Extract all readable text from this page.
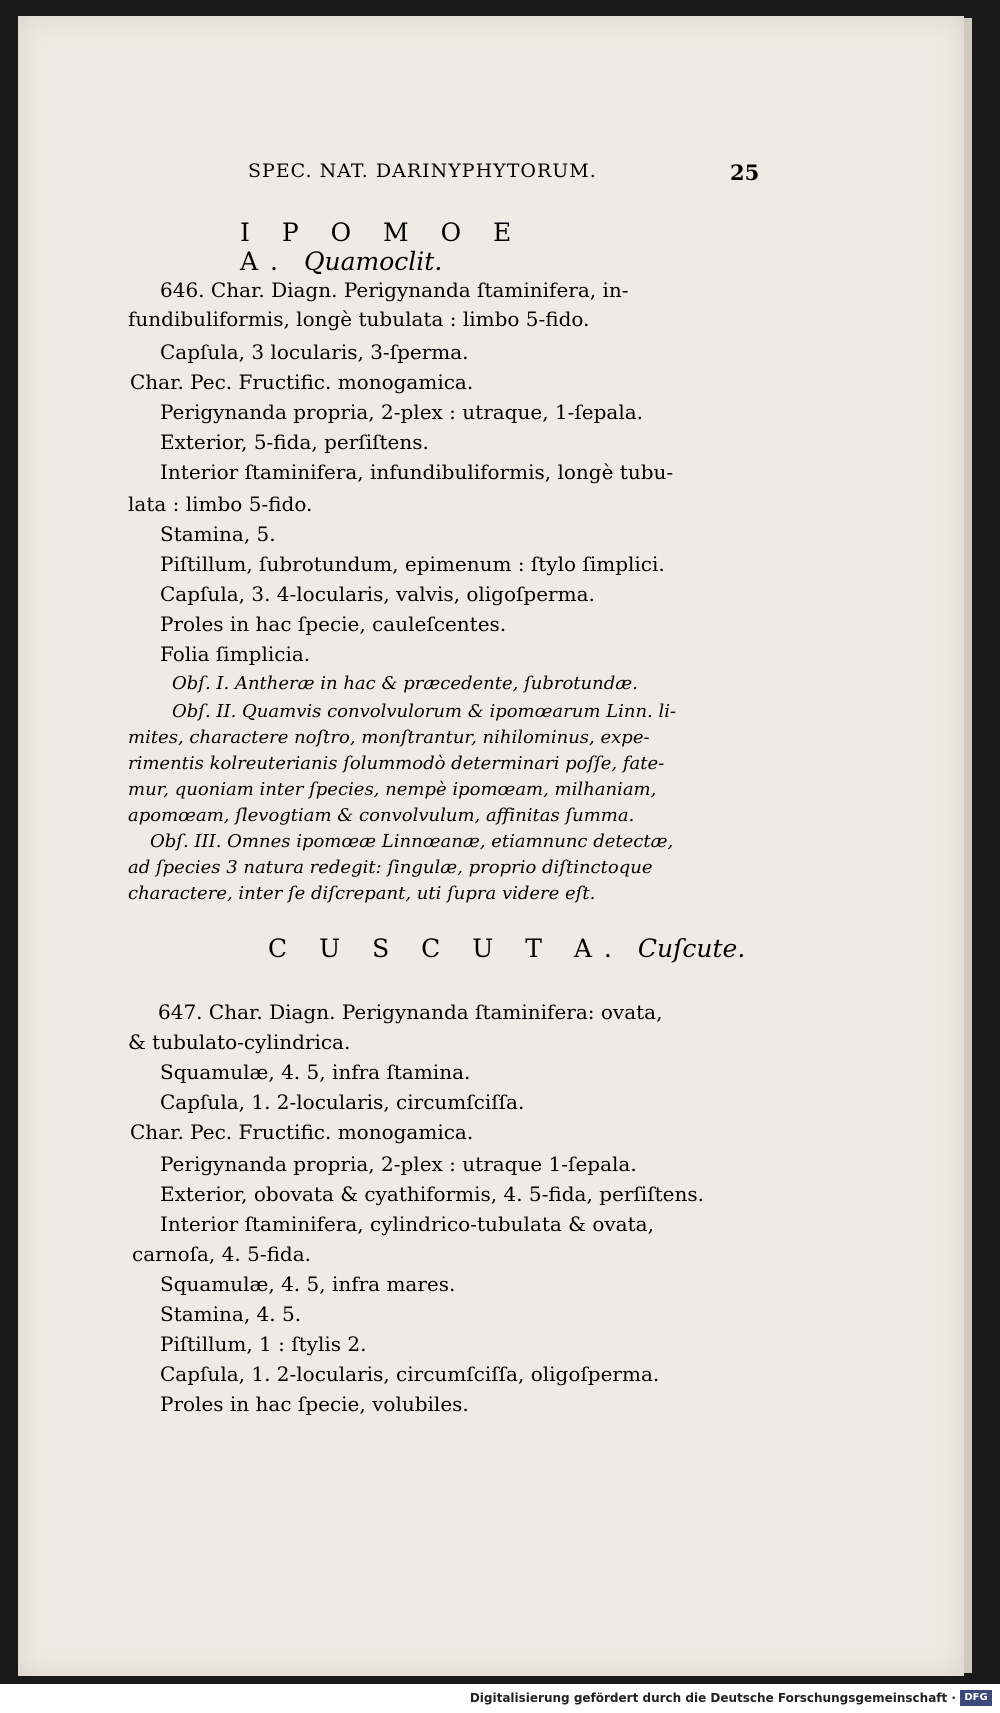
SPEC. NAT. DARINYPHYTORUM.	25
I P O M O E A. Quamoclit.
646. Char. Diagn. Perigynanda ſtaminifera, in-
fundibuliformis, longè tubulata : limbo 5-fido.
Capſula, 3 locularis, 3-ſperma.
Char. Pec. Fructific. monogamica.
Perigynanda propria, 2-plex : utraque, 1-ſepala.
Exterior, 5-fida, perſiſtens.
Interior ſtaminifera, infundibuliformis, longè tubu-
lata : limbo 5-fido.
Stamina, 5.
Piſtillum, ſubrotundum, epimenum : ſtylo ſimplici.
Capſula, 3. 4-locularis, valvis, oligoſperma.
Proles in hac ſpecie, cauleſcentes.
Folia ſimplicia.
Obſ. I. Antheræ in hac & præcedente, ſubrotundæ.
Obſ. II. Quamvis convolvulorum & ipomœarum Linn. li-
mites, charactere noſtro, monſtrantur, nihilominus, expe-
rimentis kolreuterianis ſolummodò determinari poſſe, fate-
mur, quoniam inter ſpecies, nempè ipomœam, milhaniam,
apomœam, ſlevogtiam & convolvulum, affinitas ſumma.
Obſ. III. Omnes ipomœæ Linnœanæ, etiamnunc detectæ,
ad ſpecies 3 natura redegit: ſingulæ, proprio diſtinctoque
charactere, inter ſe diſcrepant, uti ſupra videre eſt.
C U S C U T A. Cuſcute.
647. Char. Diagn. Perigynanda ſtaminifera: ovata,
& tubulato-cylindrica.
Squamulæ, 4. 5, infra ſtamina.
Capſula, 1. 2-locularis, circumſciſſa.
Char. Pec. Fructific. monogamica.
Perigynanda propria, 2-plex : utraque 1-ſepala.
Exterior, obovata & cyathiformis, 4. 5-fida, perſiſtens.
Interior ſtaminifera, cylindrico-tubulata & ovata,
carnoſa, 4. 5-fida.
Squamulæ, 4. 5, infra mares.
Stamina, 4. 5.
Piſtillum, 1 : ſtylis 2.
Capſula, 1. 2-locularis, circumſciſſa, oligoſperma.
Proles in hac ſpecie, volubiles.
Digitalisierung gefördert durch die Deutsche Forschungsgemeinschaft · DFG
